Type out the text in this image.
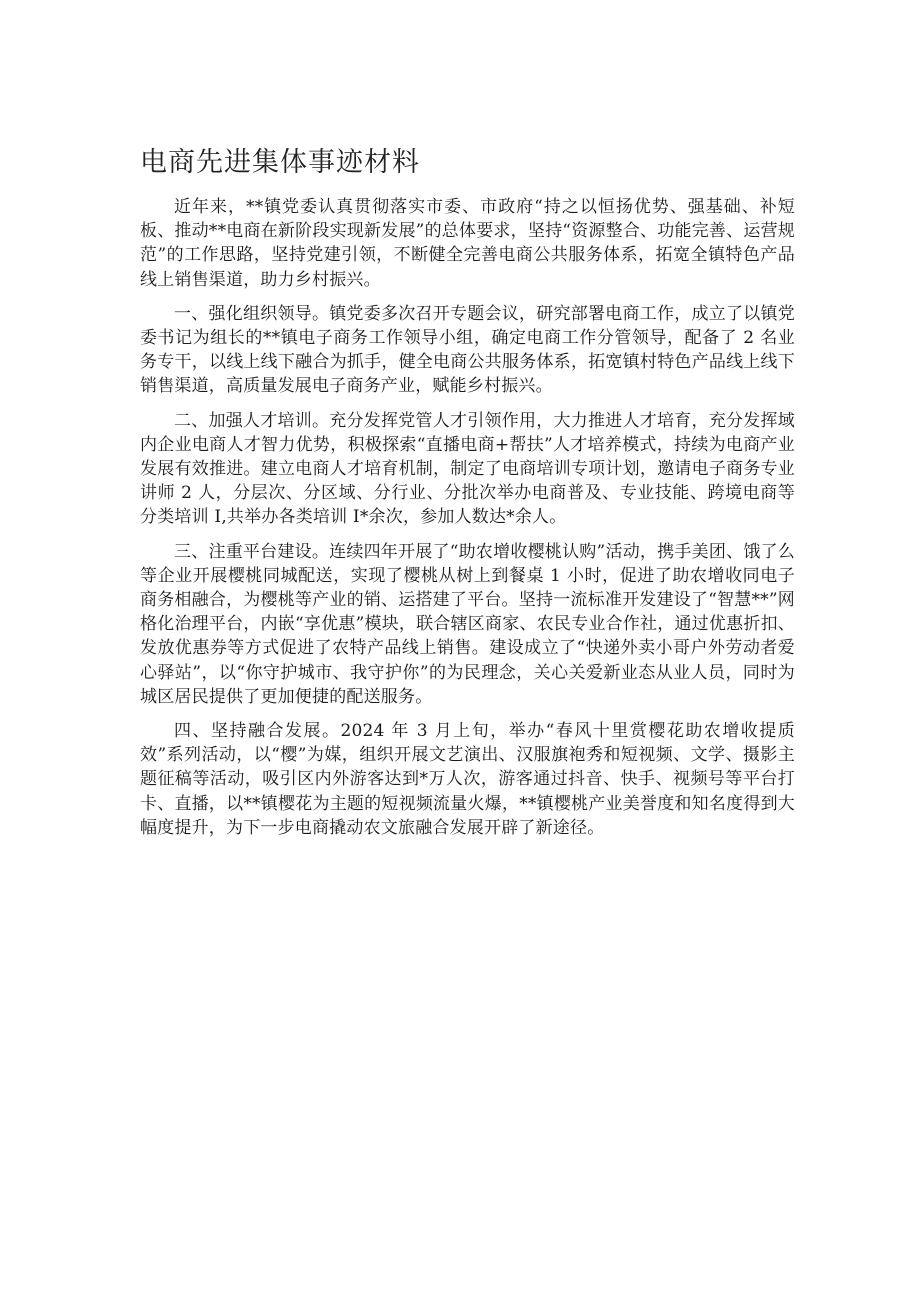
电商先进集体事迹材料

近年来，**镇党委认真贯彻落实市委、市政府“持之以恒扬优势、强基础、补短板、推动**电商在新阶段实现新发展”的总体要求，坚持“资源整合、功能完善、运营规范”的工作思路，坚持党建引领，不断健全完善电商公共服务体系，拓宽全镇特色产品线上销售渠道，助力乡村振兴。

一、强化组织领导。镇党委多次召开专题会议，研究部署电商工作，成立了以镇党委书记为组长的**镇电子商务工作领导小组，确定电商工作分管领导，配备了 2 名业务专干，以线上线下融合为抓手，健全电商公共服务体系，拓宽镇村特色产品线上线下销售渠道，高质量发展电子商务产业，赋能乡村振兴。

二、加强人才培训。充分发挥党管人才引领作用，大力推进人才培育，充分发挥域内企业电商人才智力优势，积极探索“直播电商+帮扶”人才培养模式，持续为电商产业发展有效推进。建立电商人才培育机制，制定了电商培训专项计划，邀请电子商务专业讲师 2 人，分层次、分区域、分行业、分批次举办电商普及、专业技能、跨境电商等分类培训 I,共举办各类培训 I*余次，参加人数达*余人。

三、注重平台建设。连续四年开展了“助农增收樱桃认购”活动，携手美团、饿了么等企业开展樱桃同城配送，实现了樱桃从树上到餐桌 1 小时，促进了助农增收同电子商务相融合，为樱桃等产业的销、运搭建了平台。坚持一流标准开发建设了“智慧**”网格化治理平台，内嵌“享优惠”模块，联合辖区商家、农民专业合作社，通过优惠折扣、发放优惠券等方式促进了农特产品线上销售。建设成立了“快递外卖小哥户外劳动者爱心驿站”，以“你守护城市、我守护你”的为民理念，关心关爱新业态从业人员，同时为城区居民提供了更加便捷的配送服务。

四、坚持融合发展。2024 年 3 月上旬，举办“春风十里赏樱花助农增收提质效”系列活动，以“樱”为媒，组织开展文艺演出、汉服旗袍秀和短视频、文学、摄影主题征稿等活动，吸引区内外游客达到*万人次，游客通过抖音、快手、视频号等平台打卡、直播，以**镇樱花为主题的短视频流量火爆，**镇樱桃产业美誉度和知名度得到大幅度提升，为下一步电商撬动农文旅融合发展开辟了新途径。
